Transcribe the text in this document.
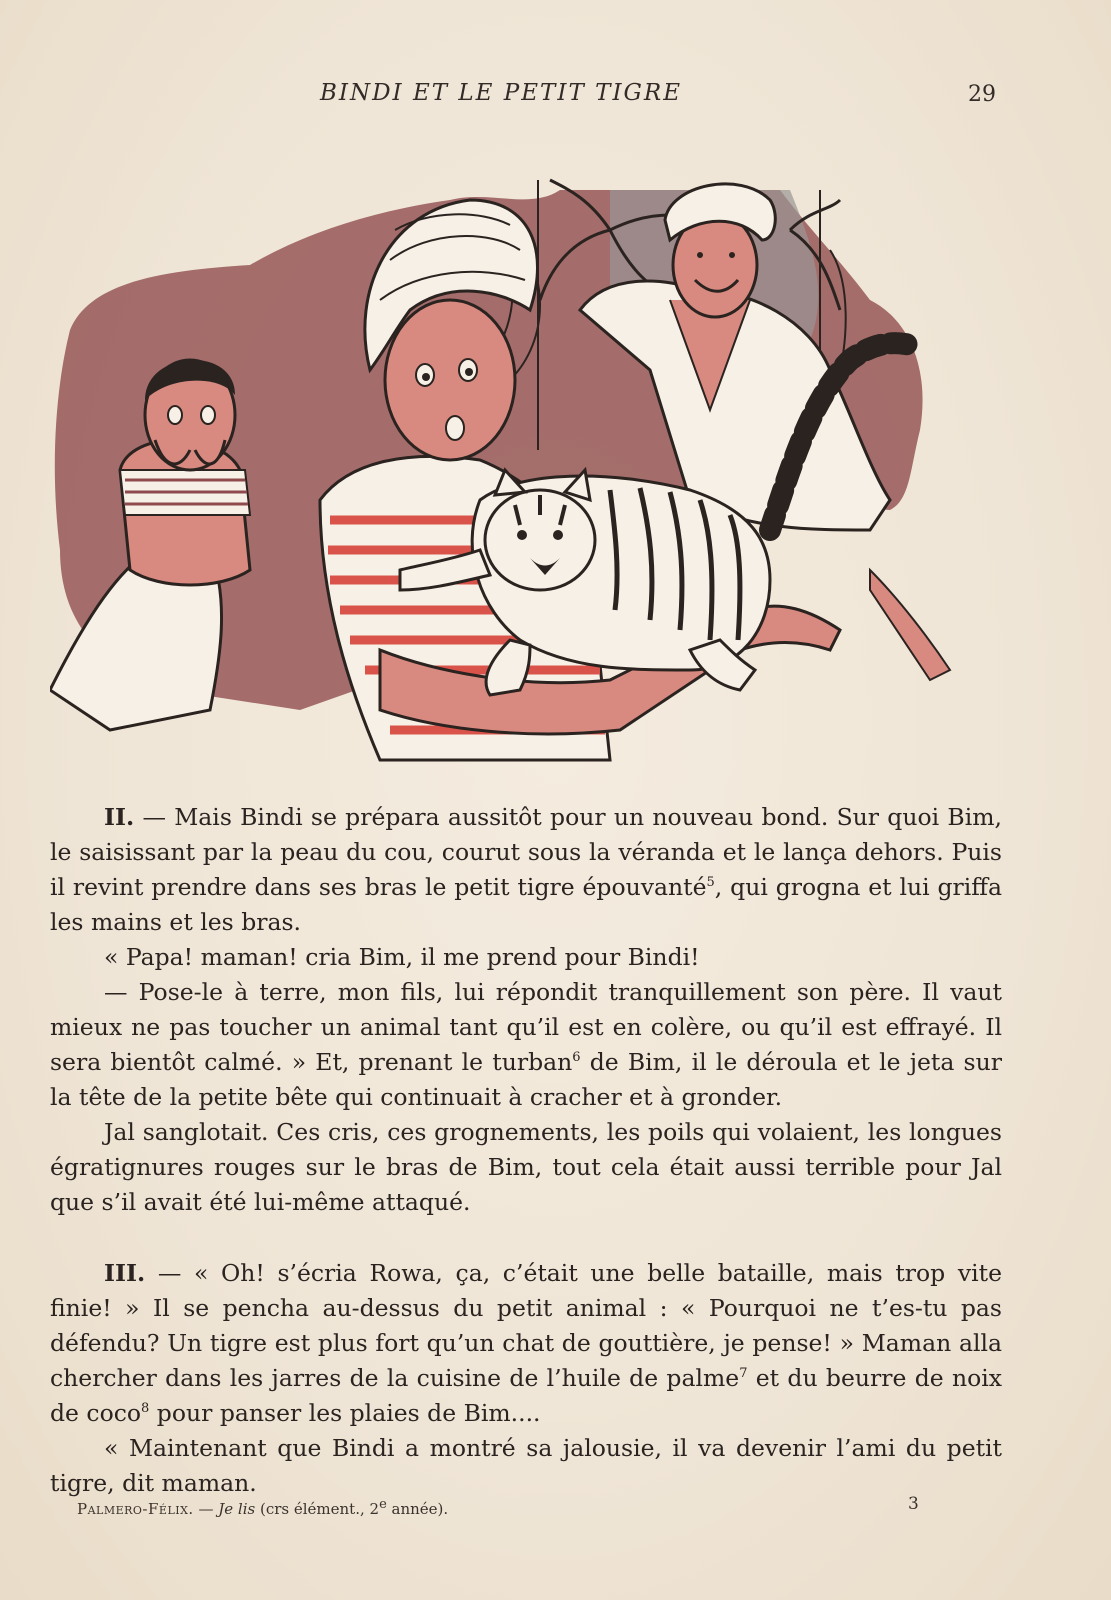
BINDI ET LE PETIT TIGRE	29

II. — Mais Bindi se prépara aussitôt pour un nouveau bond. Sur quoi Bim, le saisissant par la peau du cou, courut sous la véranda et le lança dehors. Puis il revint prendre dans ses bras le petit tigre épouvanté$^5$, qui grogna et lui griffa les mains et les bras.

« Papa! maman! cria Bim, il me prend pour Bindi!

— Pose-le à terre, mon fils, lui répondit tranquillement son père. Il vaut mieux ne pas toucher un animal tant qu’il est en colère, ou qu’il est effrayé. Il sera bientôt calmé. » Et, prenant le turban$^6$ de Bim, il le déroula et le jeta sur la tête de la petite bête qui continuait à cracher et à gronder.

Jal sanglotait. Ces cris, ces grognements, les poils qui volaient, les longues égratignures rouges sur le bras de Bim, tout cela était aussi terrible pour Jal que s’il avait été lui-même attaqué.

III. — « Oh! s’écria Rowa, ça, c’était une belle bataille, mais trop vite finie! » Il se pencha au-dessus du petit animal : « Pourquoi ne t’es-tu pas défendu? Un tigre est plus fort qu’un chat de gouttière, je pense! » Maman alla chercher dans les jarres de la cuisine de l’huile de palme$^7$ et du beurre de noix de coco$^8$ pour panser les plaies de Bim....

« Maintenant que Bindi a montré sa jalousie, il va devenir l’ami du petit tigre, dit maman.

Palmero-Félix. — Je lis (crs élément., 2e année).	3
